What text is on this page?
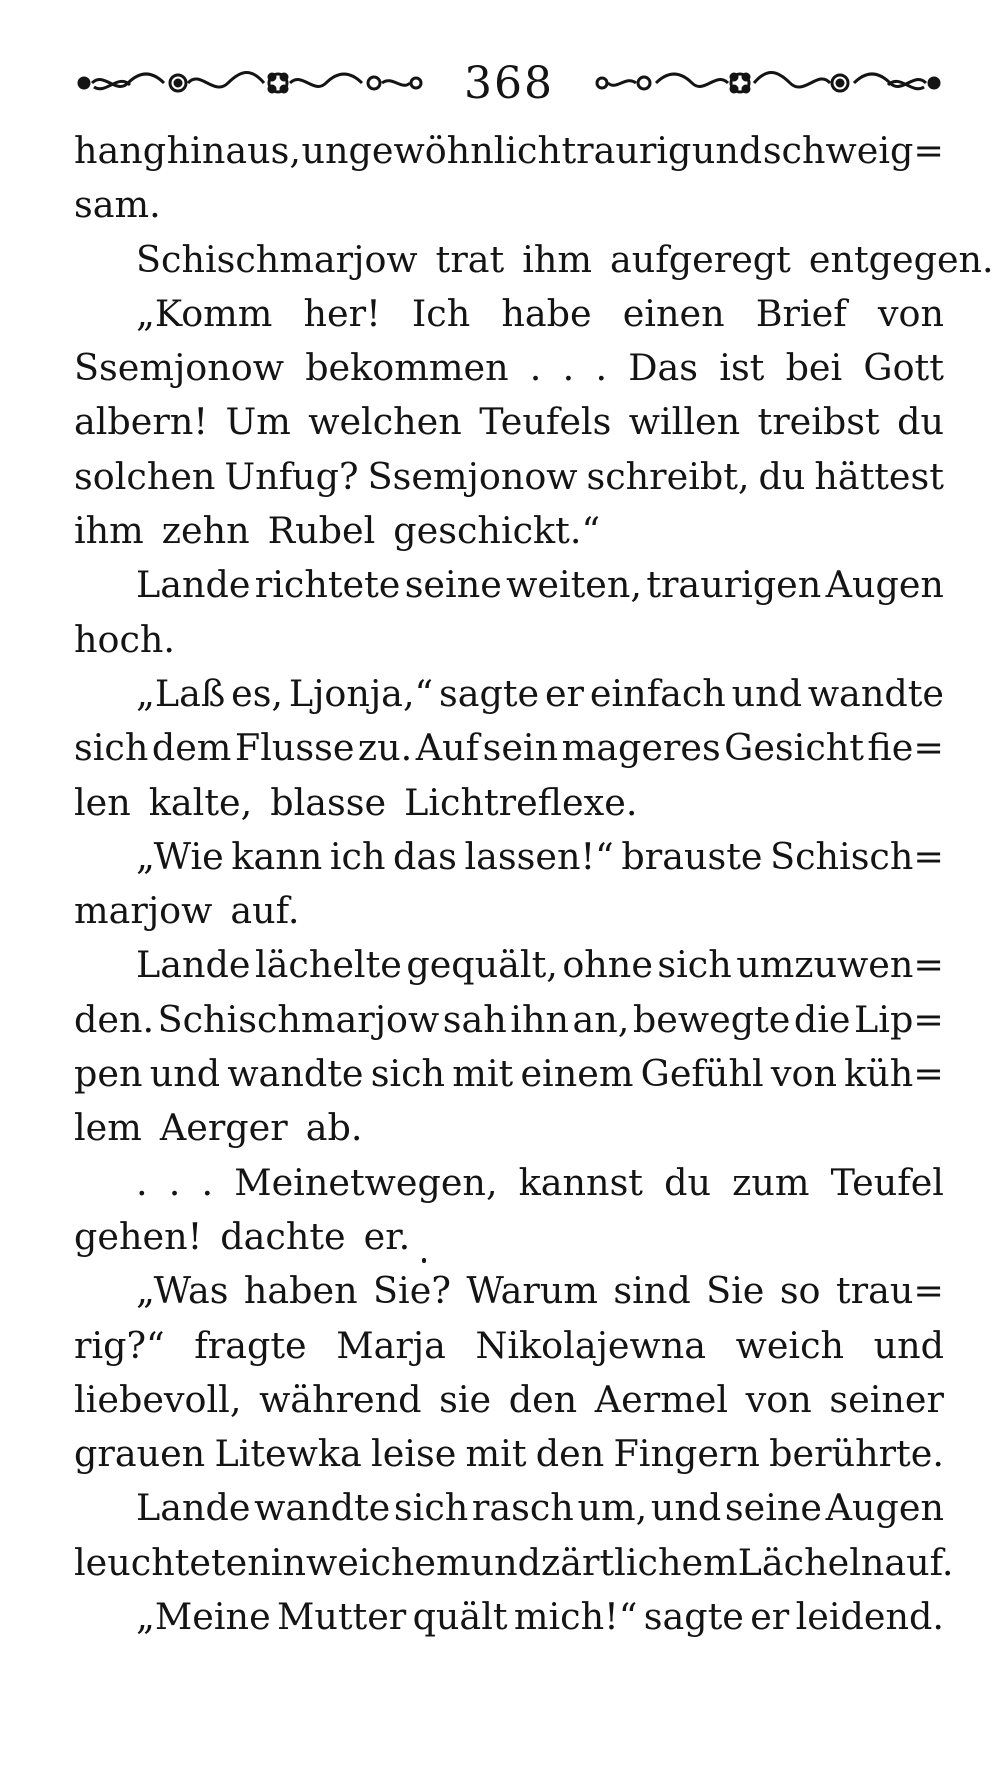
368
hang hinaus, ungewöhnlich traurig und schweig=
sam.
Schischmarjow trat ihm aufgeregt entgegen.
„Komm her! Ich habe einen Brief von
Ssemjonow bekommen . . . Das ist bei Gott
albern! Um welchen Teufels willen treibst du
solchen Unfug? Ssemjonow schreibt, du hättest
ihm zehn Rubel geschickt.“
Lande richtete seine weiten, traurigen Augen
hoch.
„Laß es, Ljonja,“ sagte er einfach und wandte
sich dem Flusse zu. Auf sein mageres Gesicht fie=
len kalte, blasse Lichtreflexe.
„Wie kann ich das lassen!“ brauste Schisch=
marjow auf.
Lande lächelte gequält, ohne sich umzuwen=
den. Schischmarjow sah ihn an, bewegte die Lip=
pen und wandte sich mit einem Gefühl von küh=
lem Aerger ab.
. . . Meinetwegen, kannst du zum Teufel
gehen! dachte er.
„Was haben Sie? Warum sind Sie so trau=
rig?“ fragte Marja Nikolajewna weich und
liebevoll, während sie den Aermel von seiner
grauen Litewka leise mit den Fingern berührte.
Lande wandte sich rasch um, und seine Augen
leuchteten in weichem und zärtlichem Lächeln auf.
„Meine Mutter quält mich!“ sagte er leidend.
